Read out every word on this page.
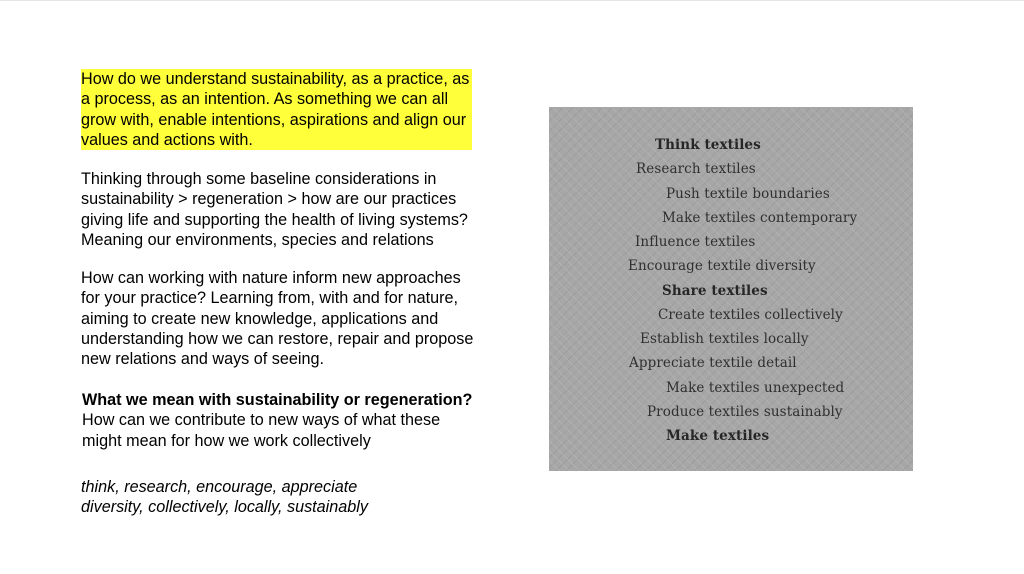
How do we understand sustainability, as a practice, as
a process, as an intention. As something we can all
grow with, enable intentions, aspirations and align our
values and actions with.
Thinking through some baseline considerations in
sustainability > regeneration > how are our practices
giving life and supporting the health of living systems?
Meaning our environments, species and relations
How can working with nature inform new approaches
for your practice? Learning from, with and for nature,
aiming to create new knowledge, applications and
understanding how we can restore, repair and propose
new relations and ways of seeing.
What we mean with sustainability or regeneration?
How can we contribute to new ways of what these
might mean for how we work collectively
think, research, encourage, appreciate
diversity, collectively, locally, sustainably
Think textiles
Research textiles
Push textile boundaries
Make textiles contemporary
Influence textiles
Encourage textile diversity
Share textiles
Create textiles collectively
Establish textiles locally
Appreciate textile detail
Make textiles unexpected
Produce textiles sustainably
Make textiles
